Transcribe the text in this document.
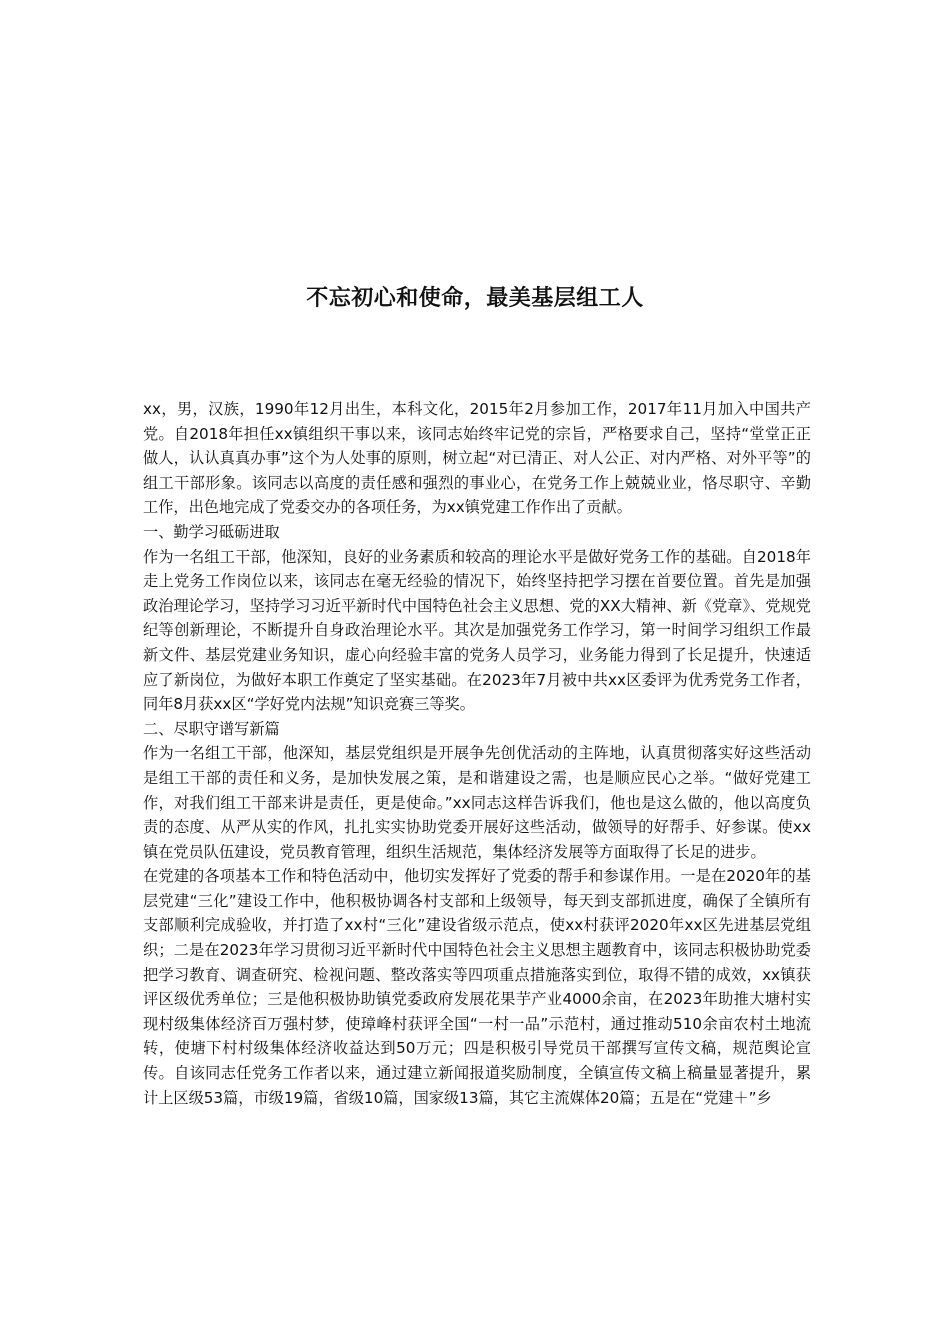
不忘初心和使命，最美基层组工人

xx，男，汉族，1990年12月出生，本科文化，2015年2月参加工作，2017年11月加入中国共产党。自2018年担任xx镇组织干事以来，该同志始终牢记党的宗旨，严格要求自己，坚持“堂堂正正做人，认认真真办事”这个为人处事的原则，树立起“对已清正、对人公正、对内严格、对外平等”的组工干部形象。该同志以高度的责任感和强烈的事业心，在党务工作上兢兢业业，恪尽职守、辛勤工作，出色地完成了党委交办的各项任务，为xx镇党建工作作出了贡献。

一、勤学习砥砺进取

作为一名组工干部，他深知，良好的业务素质和较高的理论水平是做好党务工作的基础。自2018年走上党务工作岗位以来，该同志在毫无经验的情况下，始终坚持把学习摆在首要位置。首先是加强政治理论学习，坚持学习习近平新时代中国特色社会主义思想、党的XX大精神、新《党章》、党规党纪等创新理论，不断提升自身政治理论水平。其次是加强党务工作学习，第一时间学习组织工作最新文件、基层党建业务知识，虚心向经验丰富的党务人员学习，业务能力得到了长足提升，快速适应了新岗位，为做好本职工作奠定了坚实基础。在2023年7月被中共xx区委评为优秀党务工作者，同年8月获xx区“学好党内法规”知识竞赛三等奖。

二、尽职守谱写新篇

作为一名组工干部，他深知，基层党组织是开展争先创优活动的主阵地，认真贯彻落实好这些活动是组工干部的责任和义务，是加快发展之策，是和谐建设之需，也是顺应民心之举。“做好党建工作，对我们组工干部来讲是责任，更是使命。”xx同志这样告诉我们，他也是这么做的，他以高度负责的态度、从严从实的作风，扎扎实实协助党委开展好这些活动，做领导的好帮手、好参谋。使xx镇在党员队伍建设，党员教育管理，组织生活规范，集体经济发展等方面取得了长足的进步。

在党建的各项基本工作和特色活动中，他切实发挥好了党委的帮手和参谋作用。一是在2020年的基层党建“三化”建设工作中，他积极协调各村支部和上级领导，每天到支部抓进度，确保了全镇所有支部顺利完成验收，并打造了xx村“三化”建设省级示范点，使xx村获评2020年xx区先进基层党组织；二是在2023年学习贯彻习近平新时代中国特色社会主义思想主题教育中，该同志积极协助党委把学习教育、调查研究、检视问题、整改落实等四项重点措施落实到位，取得不错的成效，xx镇获评区级优秀单位；三是他积极协助镇党委政府发展花果芋产业4000余亩，在2023年助推大塘村实现村级集体经济百万强村梦，使璋峰村获评全国“一村一品”示范村，通过推动510余亩农村土地流转，使塘下村村级集体经济收益达到50万元；四是积极引导党员干部撰写宣传文稿，规范舆论宣传。自该同志任党务工作者以来，通过建立新闻报道奖励制度，全镇宣传文稿上稿量显著提升，累计上区级53篇，市级19篇，省级10篇，国家级13篇，其它主流媒体20篇；五是在“党建＋”乡
